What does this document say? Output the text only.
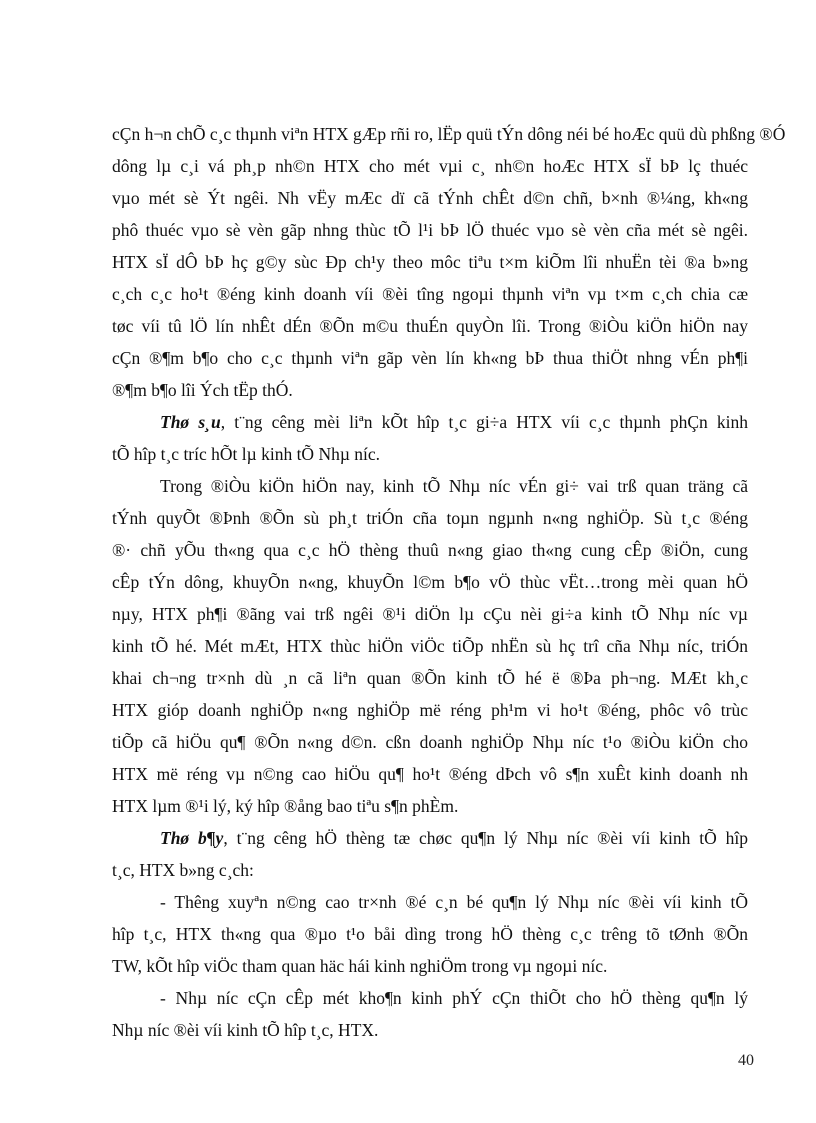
cÇn h¬n chÕ c¸c thµnh viªn HTX gÆp rñi ro, lËp quü tÝn dông néi bé hoÆc quü dù phßng ®Ó
dông lµ c¸i vá ph¸p nh©n HTX cho mét vµi c¸ nh©n hoÆc HTX sÏ bÞ lç thuéc
vµo mét sè Ýt ngêi. Nh vËy mÆc dï cã tÝnh chÊt d©n chñ, b×nh ®¼ng, kh«ng
phô thuéc vµo sè vèn gãp nhng thùc tÕ l¹i bÞ lÖ thuéc vµo sè vèn cña mét sè ngêi.
HTX sÏ dÔ bÞ hç g©y sùc Ðp ch¹y theo môc tiªu t×m kiÕm lîi nhuËn tèi ®a b»ng
c¸ch c¸c ho¹t ®éng kinh doanh víi ®èi tîng ngoµi thµnh viªn vµ t×m c¸ch chia cæ
tøc víi tû lÖ lín nhÊt dÉn ®Õn m©u thuÉn quyÒn lîi. Trong ®iÒu kiÖn hiÖn nay
cÇn ®¶m b¶o cho c¸c thµnh viªn gãp vèn lín kh«ng bÞ thua thiÖt nhng vÉn ph¶i
®¶m b¶o lîi Ých tËp thÓ.
Thø s¸u, t¨ng cêng mèi liªn kÕt hîp t¸c gi÷a HTX víi c¸c thµnh phÇn kinh
tÕ hîp t¸c tríc hÕt lµ kinh tÕ Nhµ níc.
Trong ®iÒu kiÖn hiÖn nay, kinh tÕ Nhµ níc vÉn gi÷ vai trß quan träng cã
tÝnh quyÕt ®Þnh ®Õn sù ph¸t triÓn cña toµn ngµnh n«ng nghiÖp. Sù t¸c ®éng
®· chñ yÕu th«ng qua c¸c hÖ thèng thuû n«ng giao th«ng cung cÊp ®iÖn, cung
cÊp tÝn dông, khuyÕn n«ng, khuyÕn l©m b¶o vÖ thùc vËt…trong mèi quan hÖ
nµy, HTX ph¶i ®ãng vai trß ngêi ®¹i diÖn lµ cÇu nèi gi÷a kinh tÕ Nhµ níc vµ
kinh tÕ hé. Mét mÆt, HTX thùc hiÖn viÖc tiÕp nhËn sù hç trî cña Nhµ níc, triÓn
khai ch¬ng tr×nh dù ¸n cã liªn quan ®Õn kinh tÕ hé ë ®Þa ph¬ng. MÆt kh¸c
HTX gióp doanh nghiÖp n«ng nghiÖp më réng ph¹m vi ho¹t ®éng, phôc vô trùc
tiÕp cã hiÖu qu¶ ®Õn n«ng d©n. cßn doanh nghiÖp Nhµ níc t¹o ®iÒu kiÖn cho
HTX më réng vµ n©ng cao hiÖu qu¶ ho¹t ®éng dÞch vô s¶n xuÊt kinh doanh nh
HTX lµm ®¹i lý, ký hîp ®ång bao tiªu s¶n phÈm.
Thø b¶y, t¨ng cêng hÖ thèng tæ chøc qu¶n lý Nhµ níc ®èi víi kinh tÕ hîp
t¸c, HTX b»ng c¸ch:
- Thêng xuyªn n©ng cao tr×nh ®é c¸n bé qu¶n lý Nhµ níc ®èi víi kinh tÕ
hîp t¸c, HTX th«ng qua ®µo t¹o båi dìng trong hÖ thèng c¸c trêng tõ tØnh ®Õn
TW, kÕt hîp viÖc tham quan häc hái kinh nghiÖm trong vµ ngoµi níc.
- Nhµ níc cÇn cÊp mét kho¶n kinh phÝ cÇn thiÕt cho hÖ thèng qu¶n lý
Nhµ níc ®èi víi kinh tÕ hîp t¸c, HTX.
40
